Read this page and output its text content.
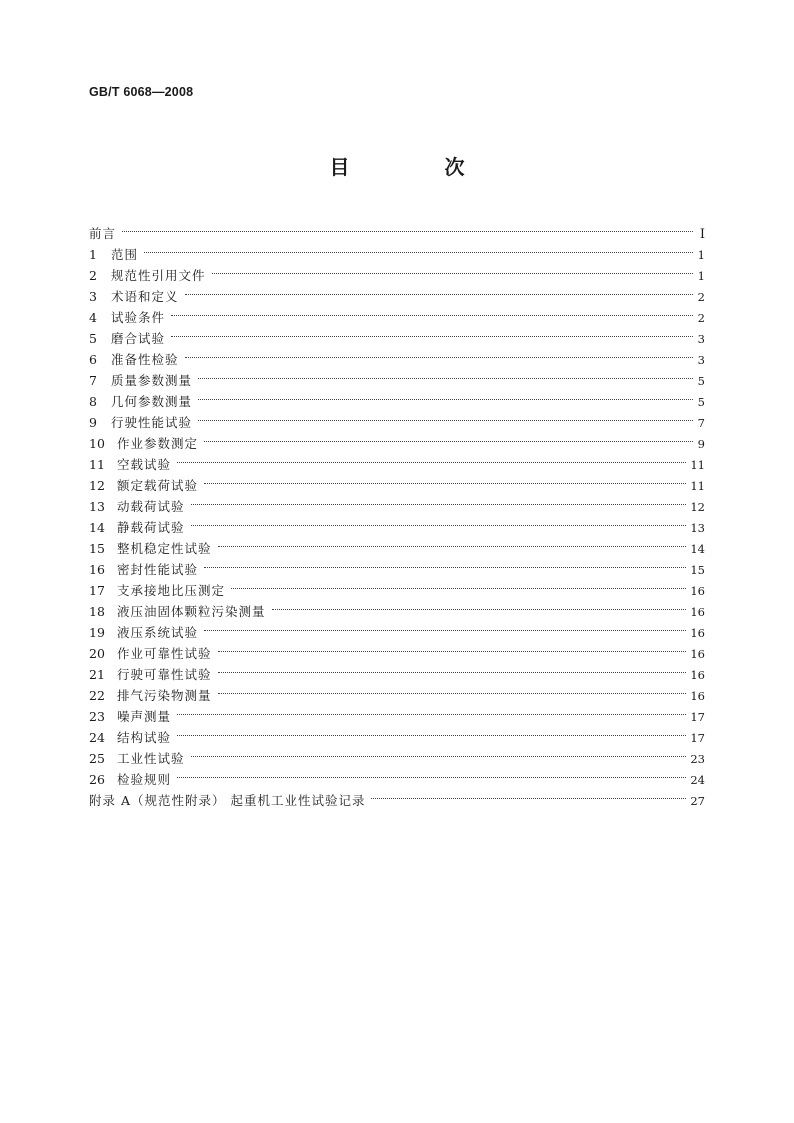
GB/T 6068—2008
目 次
前言	Ⅰ
1	范围	1
2	规范性引用文件	1
3	术语和定义	2
4	试验条件	2
5	磨合试验	3
6	准备性检验	3
7	质量参数测量	5
8	几何参数测量	5
9	行驶性能试验	7
10 作业参数测定	9
11 空载试验	11
12 额定载荷试验	11
13 动载荷试验	12
14 静载荷试验	13
15 整机稳定性试验	14
16 密封性能试验	15
17 支承接地比压测定	16
18 液压油固体颗粒污染测量	16
19 液压系统试验	16
20 作业可靠性试验	16
21 行驶可靠性试验	16
22 排气污染物测量	16
23 噪声测量	17
24 结构试验	17
25 工业性试验	23
26 检验规则	24
附录 A（规范性附录） 起重机工业性试验记录	27
